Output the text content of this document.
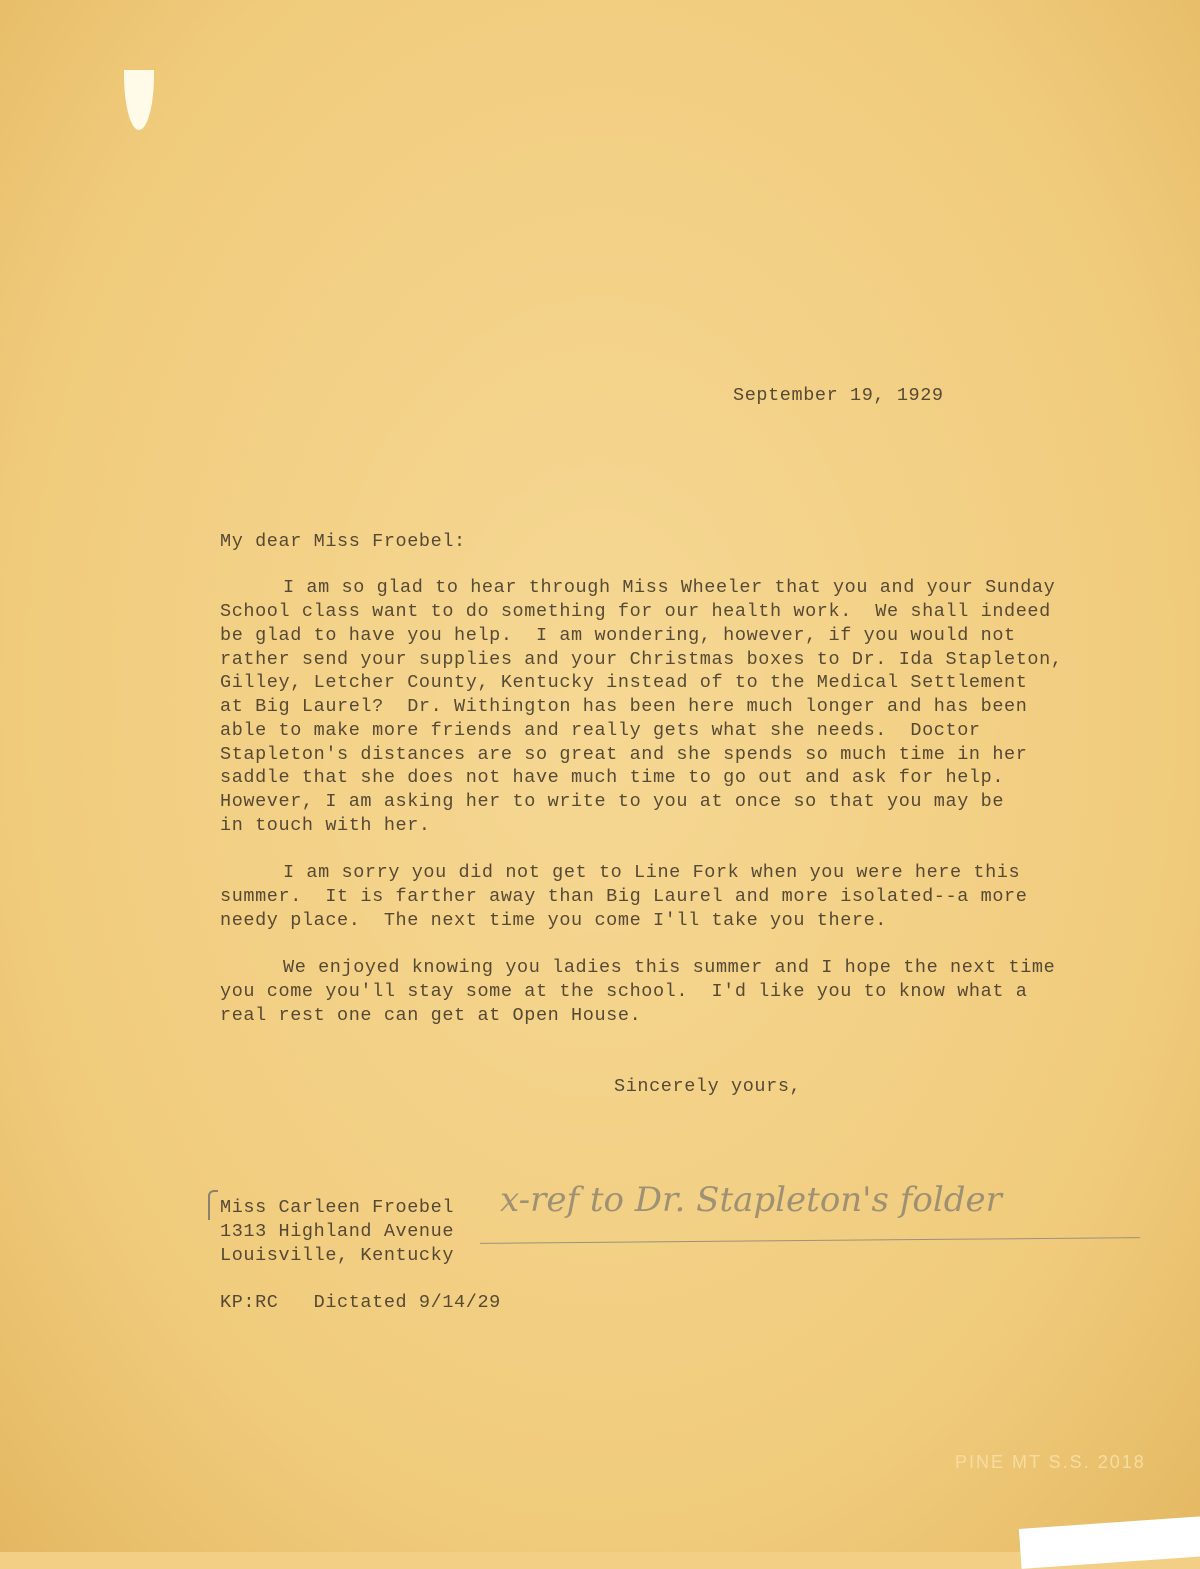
September 19, 1929
My dear Miss Froebel:
I am so glad to hear through Miss Wheeler that you and your Sunday
School class want to do something for our health work.  We shall indeed
be glad to have you help.  I am wondering, however, if you would not
rather send your supplies and your Christmas boxes to Dr. Ida Stapleton,
Gilley, Letcher County, Kentucky instead of to the Medical Settlement
at Big Laurel?  Dr. Withington has been here much longer and has been
able to make more friends and really gets what she needs.  Doctor
Stapleton's distances are so great and she spends so much time in her
saddle that she does not have much time to go out and ask for help.
However, I am asking her to write to you at once so that you may be
in touch with her.
I am sorry you did not get to Line Fork when you were here this
summer.  It is farther away than Big Laurel and more isolated--a more
needy place.  The next time you come I'll take you there.
We enjoyed knowing you ladies this summer and I hope the next time
you come you'll stay some at the school.  I'd like you to know what a
real rest one can get at Open House.
Sincerely yours,
Miss Carleen Froebel
1313 Highland Avenue
Louisville, Kentucky
x-ref to Dr. Stapleton's folder
KP:RC   Dictated 9/14/29
PINE MT S.S. 2018
